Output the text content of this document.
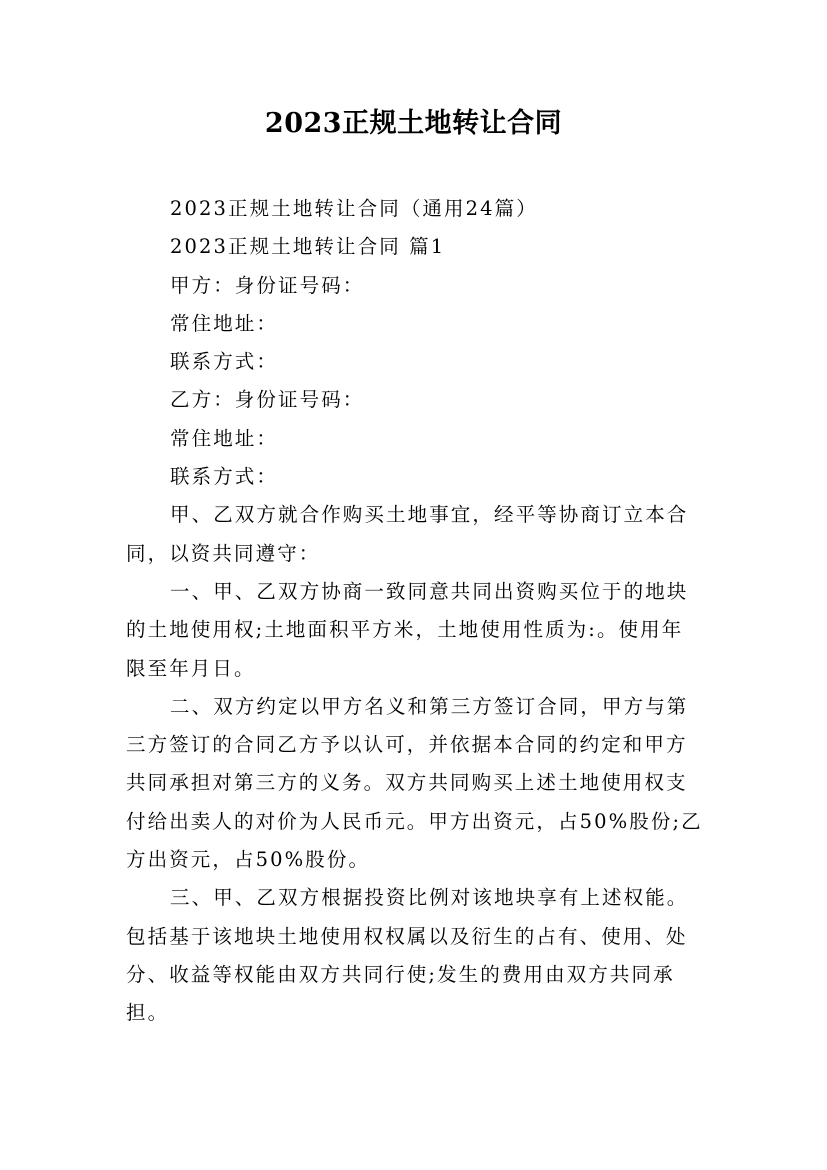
2023正规土地转让合同
2023正规土地转让合同（通用24篇）
2023正规土地转让合同 篇1
甲方：身份证号码：
常住地址：
联系方式：
乙方：身份证号码：
常住地址：
联系方式：
甲、乙双方就合作购买土地事宜，经平等协商订立本合
同，以资共同遵守：
一、甲、乙双方协商一致同意共同出资购买位于的地块
的土地使用权;土地面积平方米，土地使用性质为:。使用年
限至年月日。
二、双方约定以甲方名义和第三方签订合同，甲方与第
三方签订的合同乙方予以认可，并依据本合同的约定和甲方
共同承担对第三方的义务。双方共同购买上述土地使用权支
付给出卖人的对价为人民币元。甲方出资元，占50%股份;乙
方出资元，占50%股份。
三、甲、乙双方根据投资比例对该地块享有上述权能。
包括基于该地块土地使用权权属以及衍生的占有、使用、处
分、收益等权能由双方共同行使;发生的费用由双方共同承
担。
